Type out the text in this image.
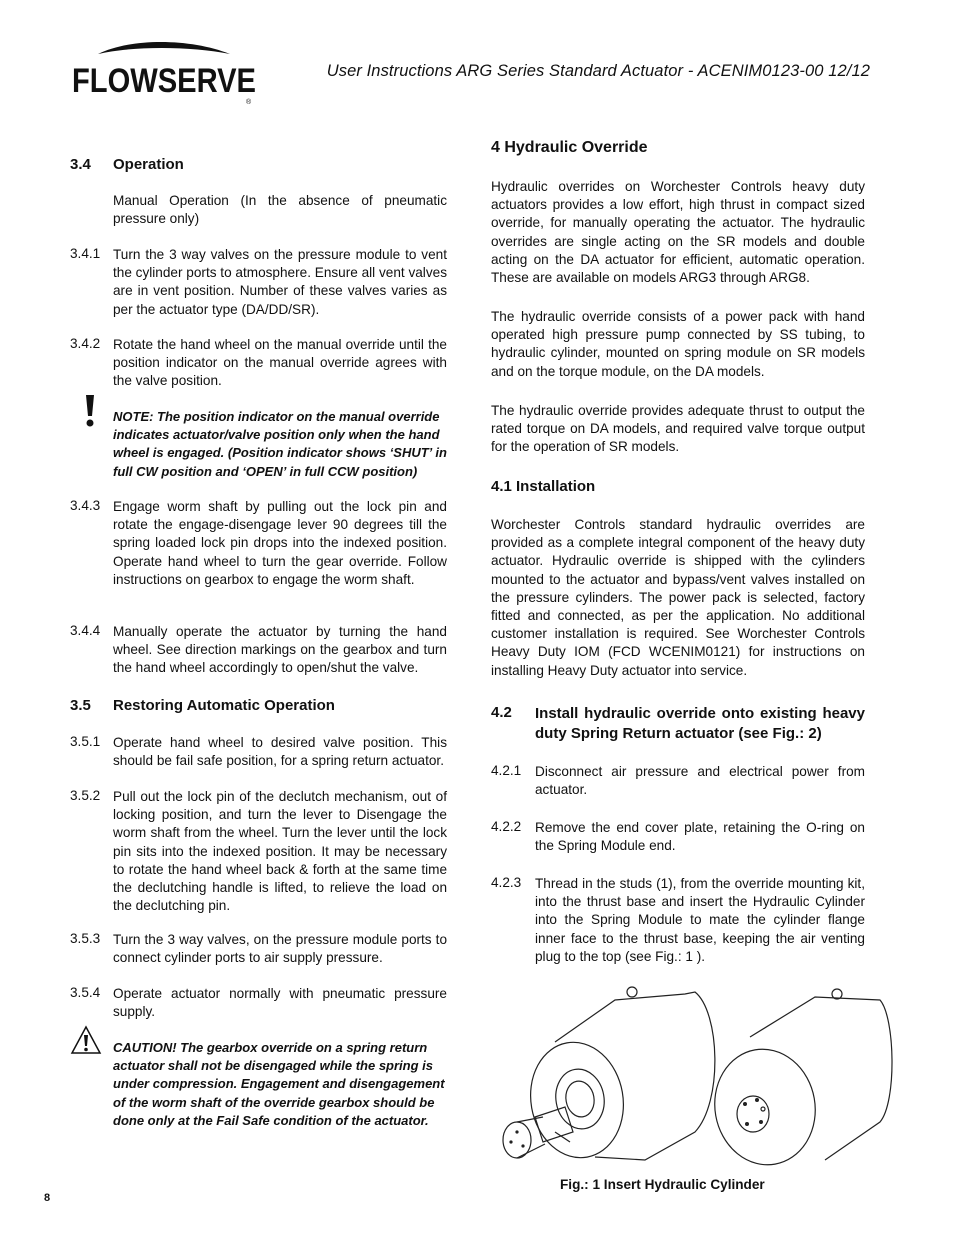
FLOWSERVE
®
User Instructions ARG Series Standard Actuator - ACENIM0123-00 12/12
3.4 Operation
Manual Operation (In the absence of pneumatic pressure only)
3.4.1 Turn the 3 way valves on the pressure module to vent the cylinder ports to atmosphere. Ensure all vent valves are in vent position. Number of these valves varies as per the actuator type (DA/DD/SR).
3.4.2 Rotate the hand wheel on the manual override until the position indicator on the manual override agrees with the valve position.
NOTE: The position indicator on the manual override indicates actuator/valve position only when the hand wheel is engaged. (Position indicator shows ‘SHUT’ in full CW position and ‘OPEN’ in full CCW position)
3.4.3 Engage worm shaft by pulling out the lock pin and rotate the engage-disengage lever 90 degrees till the spring loaded lock pin drops into the indexed position. Operate hand wheel to turn the gear override. Follow instructions on gearbox to engage the worm shaft.
3.4.4 Manually operate the actuator by turning the hand wheel. See direction markings on the gearbox and turn the hand wheel accordingly to open/shut the valve.
3.5 Restoring Automatic Operation
3.5.1 Operate hand wheel to desired valve position. This should be fail safe position, for a spring return actuator.
3.5.2 Pull out the lock pin of the declutch mechanism, out of locking position, and turn the lever to Disengage the worm shaft from the wheel. Turn the lever until the lock pin sits into the indexed position. It may be necessary to rotate the hand wheel back & forth at the same time the declutching handle is lifted, to relieve the load on the declutching pin.
3.5.3 Turn the 3 way valves, on the pressure module ports to connect cylinder ports to air supply pressure.
3.5.4 Operate actuator normally with pneumatic pressure supply.
CAUTION! The gearbox override on a spring return actuator shall not be disengaged while the spring is under compression. Engagement and disengagement of the worm shaft of the override gearbox should be done only at the Fail Safe condition of the actuator.
4 Hydraulic Override
Hydraulic overrides on Worchester Controls heavy duty actuators provides a low effort, high thrust in compact sized override, for manually operating the actuator. The hydraulic overrides are single acting on the SR models and double acting on the DA actuator for efficient, automatic operation. These are available on models ARG3 through ARG8.
The hydraulic override consists of a power pack with hand operated high pressure pump connected by SS tubing, to hydraulic cylinder, mounted on spring module on SR models and on the torque module, on the DA models.
The hydraulic override provides adequate thrust to output the rated torque on DA models, and required valve torque output for the operation of SR models.
4.1 Installation
Worchester Controls standard hydraulic overrides are provided as a complete integral component of the heavy duty actuator. Hydraulic override is shipped with the cylinders mounted to the actuator and bypass/vent valves installed on the pressure cylinders. The power pack is selected, factory fitted and connected, as per the application. No additional customer installation is required. See Worchester Controls Heavy Duty IOM (FCD WCENIM0121) for instructions on installing Heavy Duty actuator into service.
4.2 Install hydraulic override onto existing heavy duty Spring Return actuator (see Fig.: 2)
4.2.1 Disconnect air pressure and electrical power from actuator.
4.2.2 Remove the end cover plate, retaining the O-ring on the Spring Module end.
4.2.3 Thread in the studs (1), from the override mounting kit, into the thrust base and insert the Hydraulic Cylinder into the Spring Module to mate the cylinder flange inner face to the thrust base, keeping the air venting plug to the top (see Fig.: 1 ).
Fig.: 1 Insert Hydraulic Cylinder
8
